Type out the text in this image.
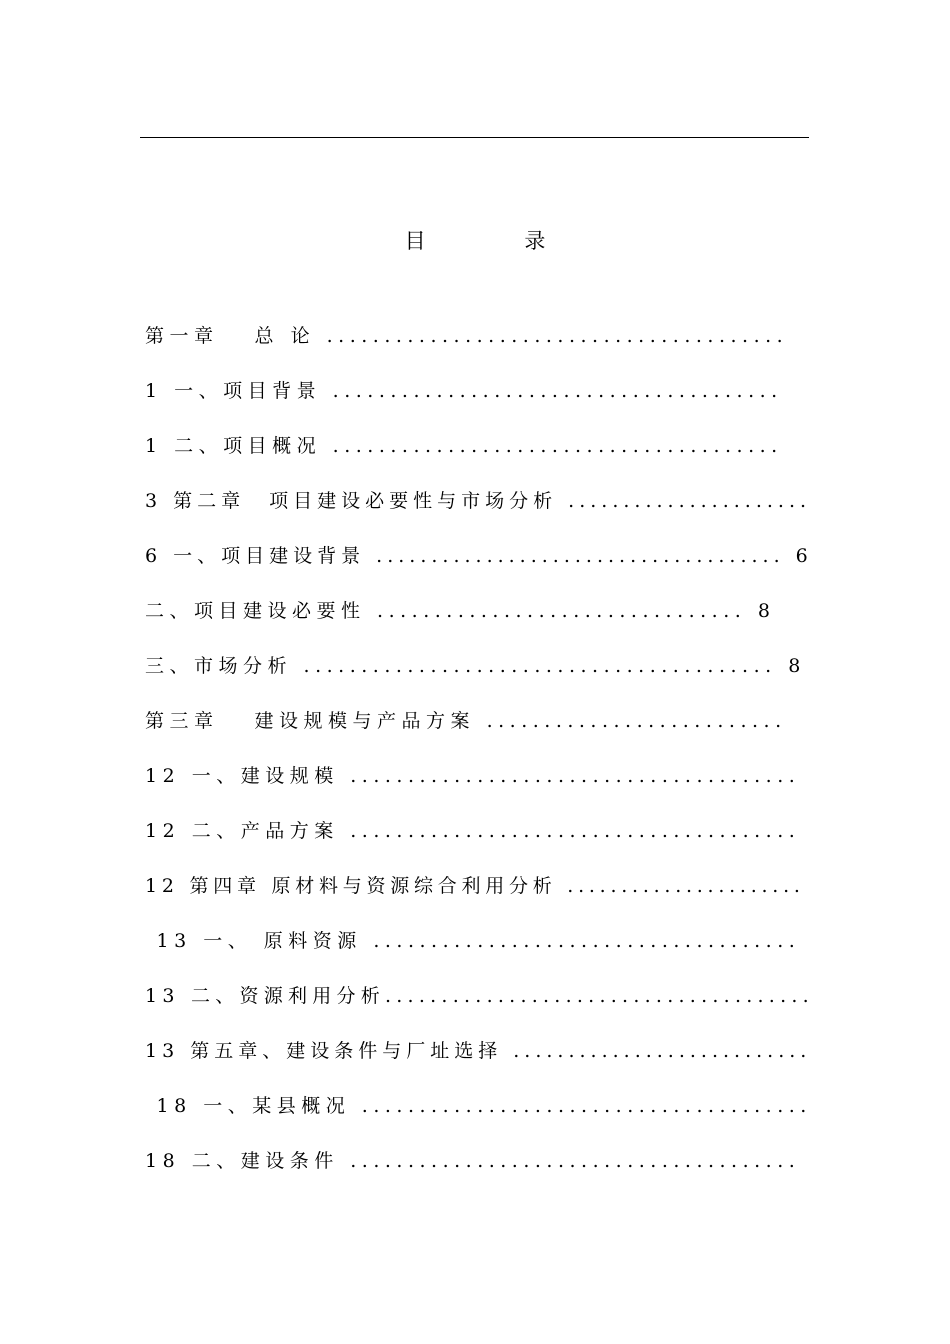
目 录
第一章　 总 论 ........................................
1 一、项目背景 .......................................
1 二、项目概况 .......................................
3 第二章　项目建设必要性与市场分析 ......................
6 一、项目建设背景 ..................................... 6
二、项目建设必要性 ................................ 8
三、市场分析 ......................................... 8
第三章　 建设规模与产品方案 ..........................
12 一、建设规模 .......................................
12 二、产品方案 .......................................
12 第四章 原材料与资源综合利用分析 ......................
13 一、 原料资源 .....................................
13 二、资源利用分析......................................
13 第五章、建设条件与厂址选择 ...........................
18 一、某县概况 .......................................
18 二、建设条件 .......................................
